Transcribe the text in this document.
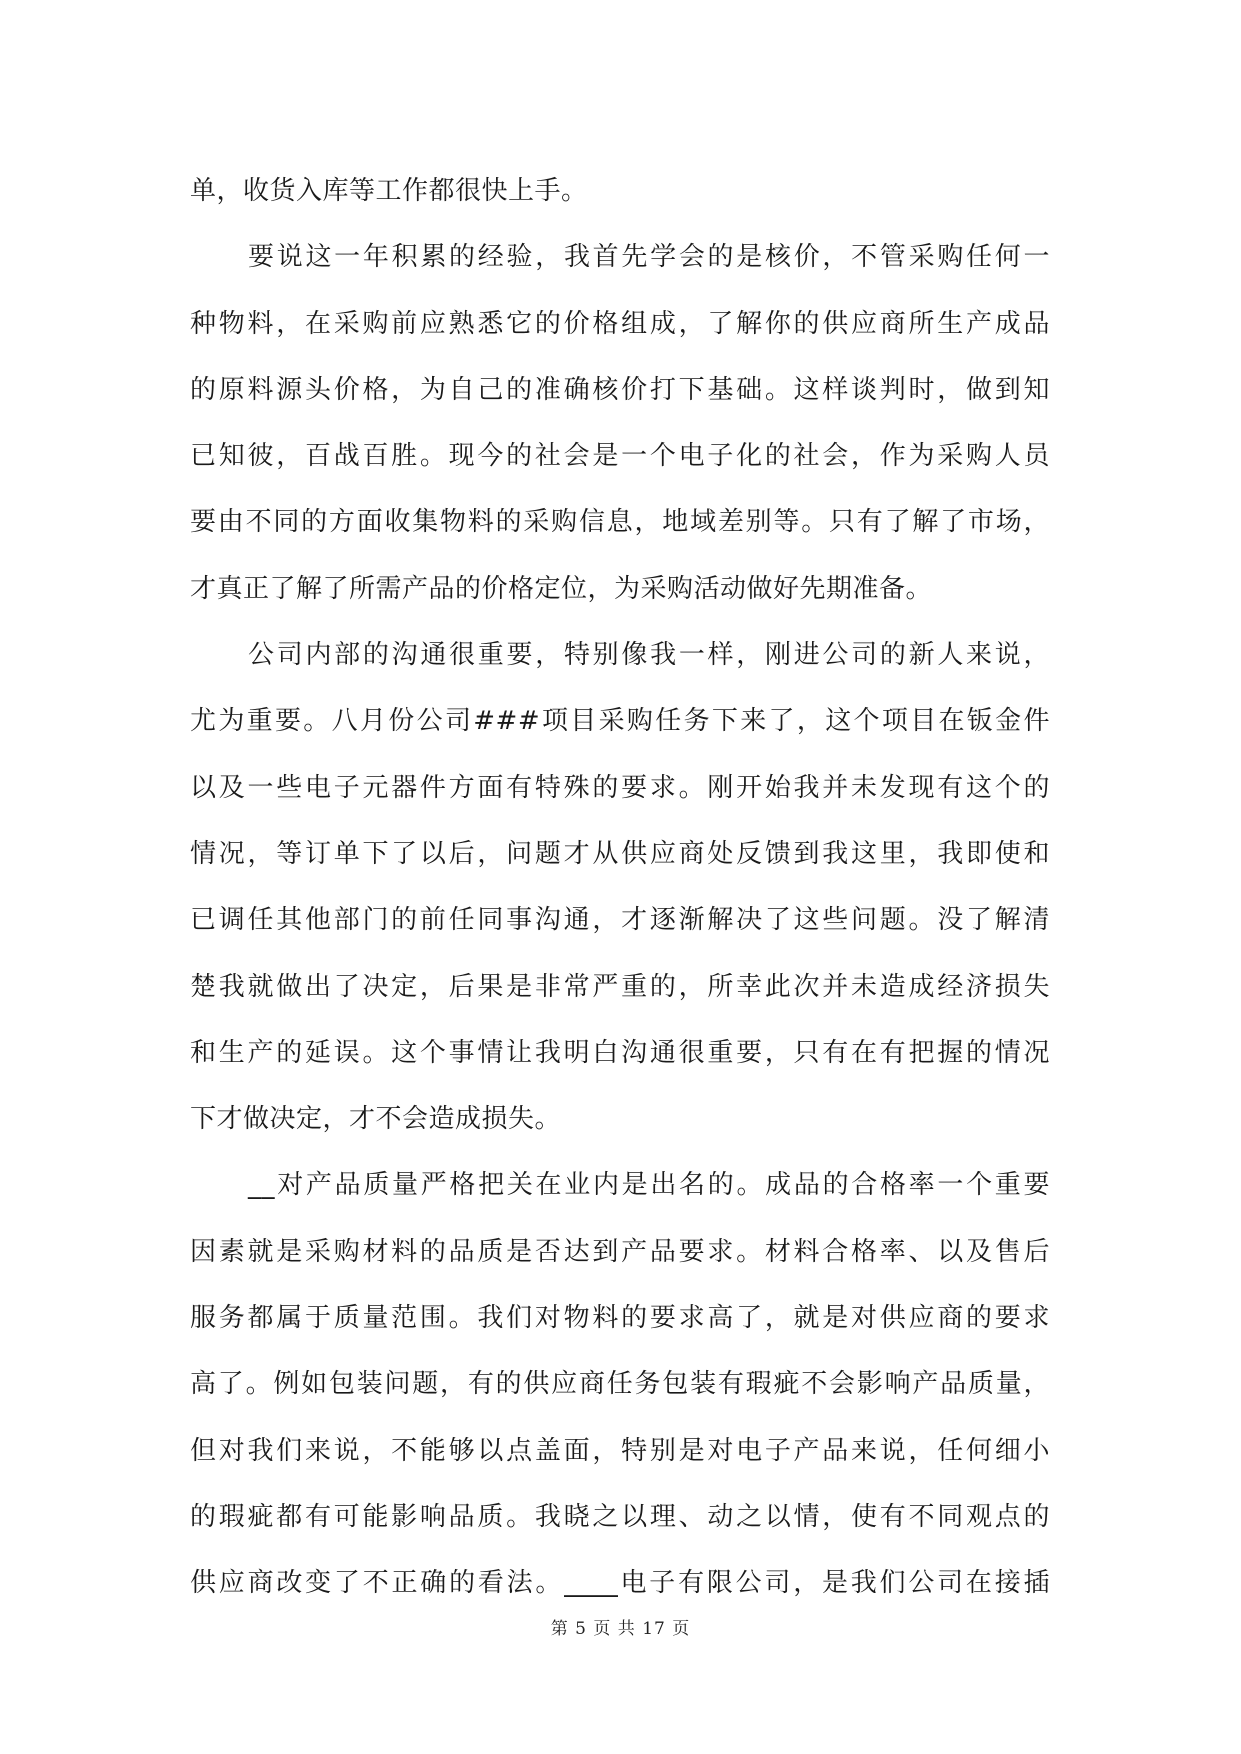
单，收货入库等工作都很快上手。
要说这一年积累的经验，我首先学会的是核价，不管采购任何一
种物料，在采购前应熟悉它的价格组成，了解你的供应商所生产成品
的原料源头价格，为自己的准确核价打下基础。这样谈判时，做到知
已知彼，百战百胜。现今的社会是一个电子化的社会，作为采购人员
要由不同的方面收集物料的采购信息，地域差别等。只有了解了市场，
才真正了解了所需产品的价格定位，为采购活动做好先期准备。
公司内部的沟通很重要，特别像我一样，刚进公司的新人来说，
尤为重要。八月份公司###项目采购任务下来了，这个项目在钣金件
以及一些电子元器件方面有特殊的要求。刚开始我并未发现有这个的
情况，等订单下了以后，问题才从供应商处反馈到我这里，我即使和
已调任其他部门的前任同事沟通，才逐渐解决了这些问题。没了解清
楚我就做出了决定，后果是非常严重的，所幸此次并未造成经济损失
和生产的延误。这个事情让我明白沟通很重要，只有在有把握的情况
下才做决定，才不会造成损失。
__对产品质量严格把关在业内是出名的。成品的合格率一个重要
因素就是采购材料的品质是否达到产品要求。材料合格率、以及售后
服务都属于质量范围。我们对物料的要求高了，就是对供应商的要求
高了。例如包装问题，有的供应商任务包装有瑕疵不会影响产品质量，
但对我们来说，不能够以点盖面，特别是对电子产品来说，任何细小
的瑕疵都有可能影响品质。我晓之以理、动之以情，使有不同观点的
供应商改变了不正确的看法。____电子有限公司，是我们公司在接插
第 5 页 共 17 页
